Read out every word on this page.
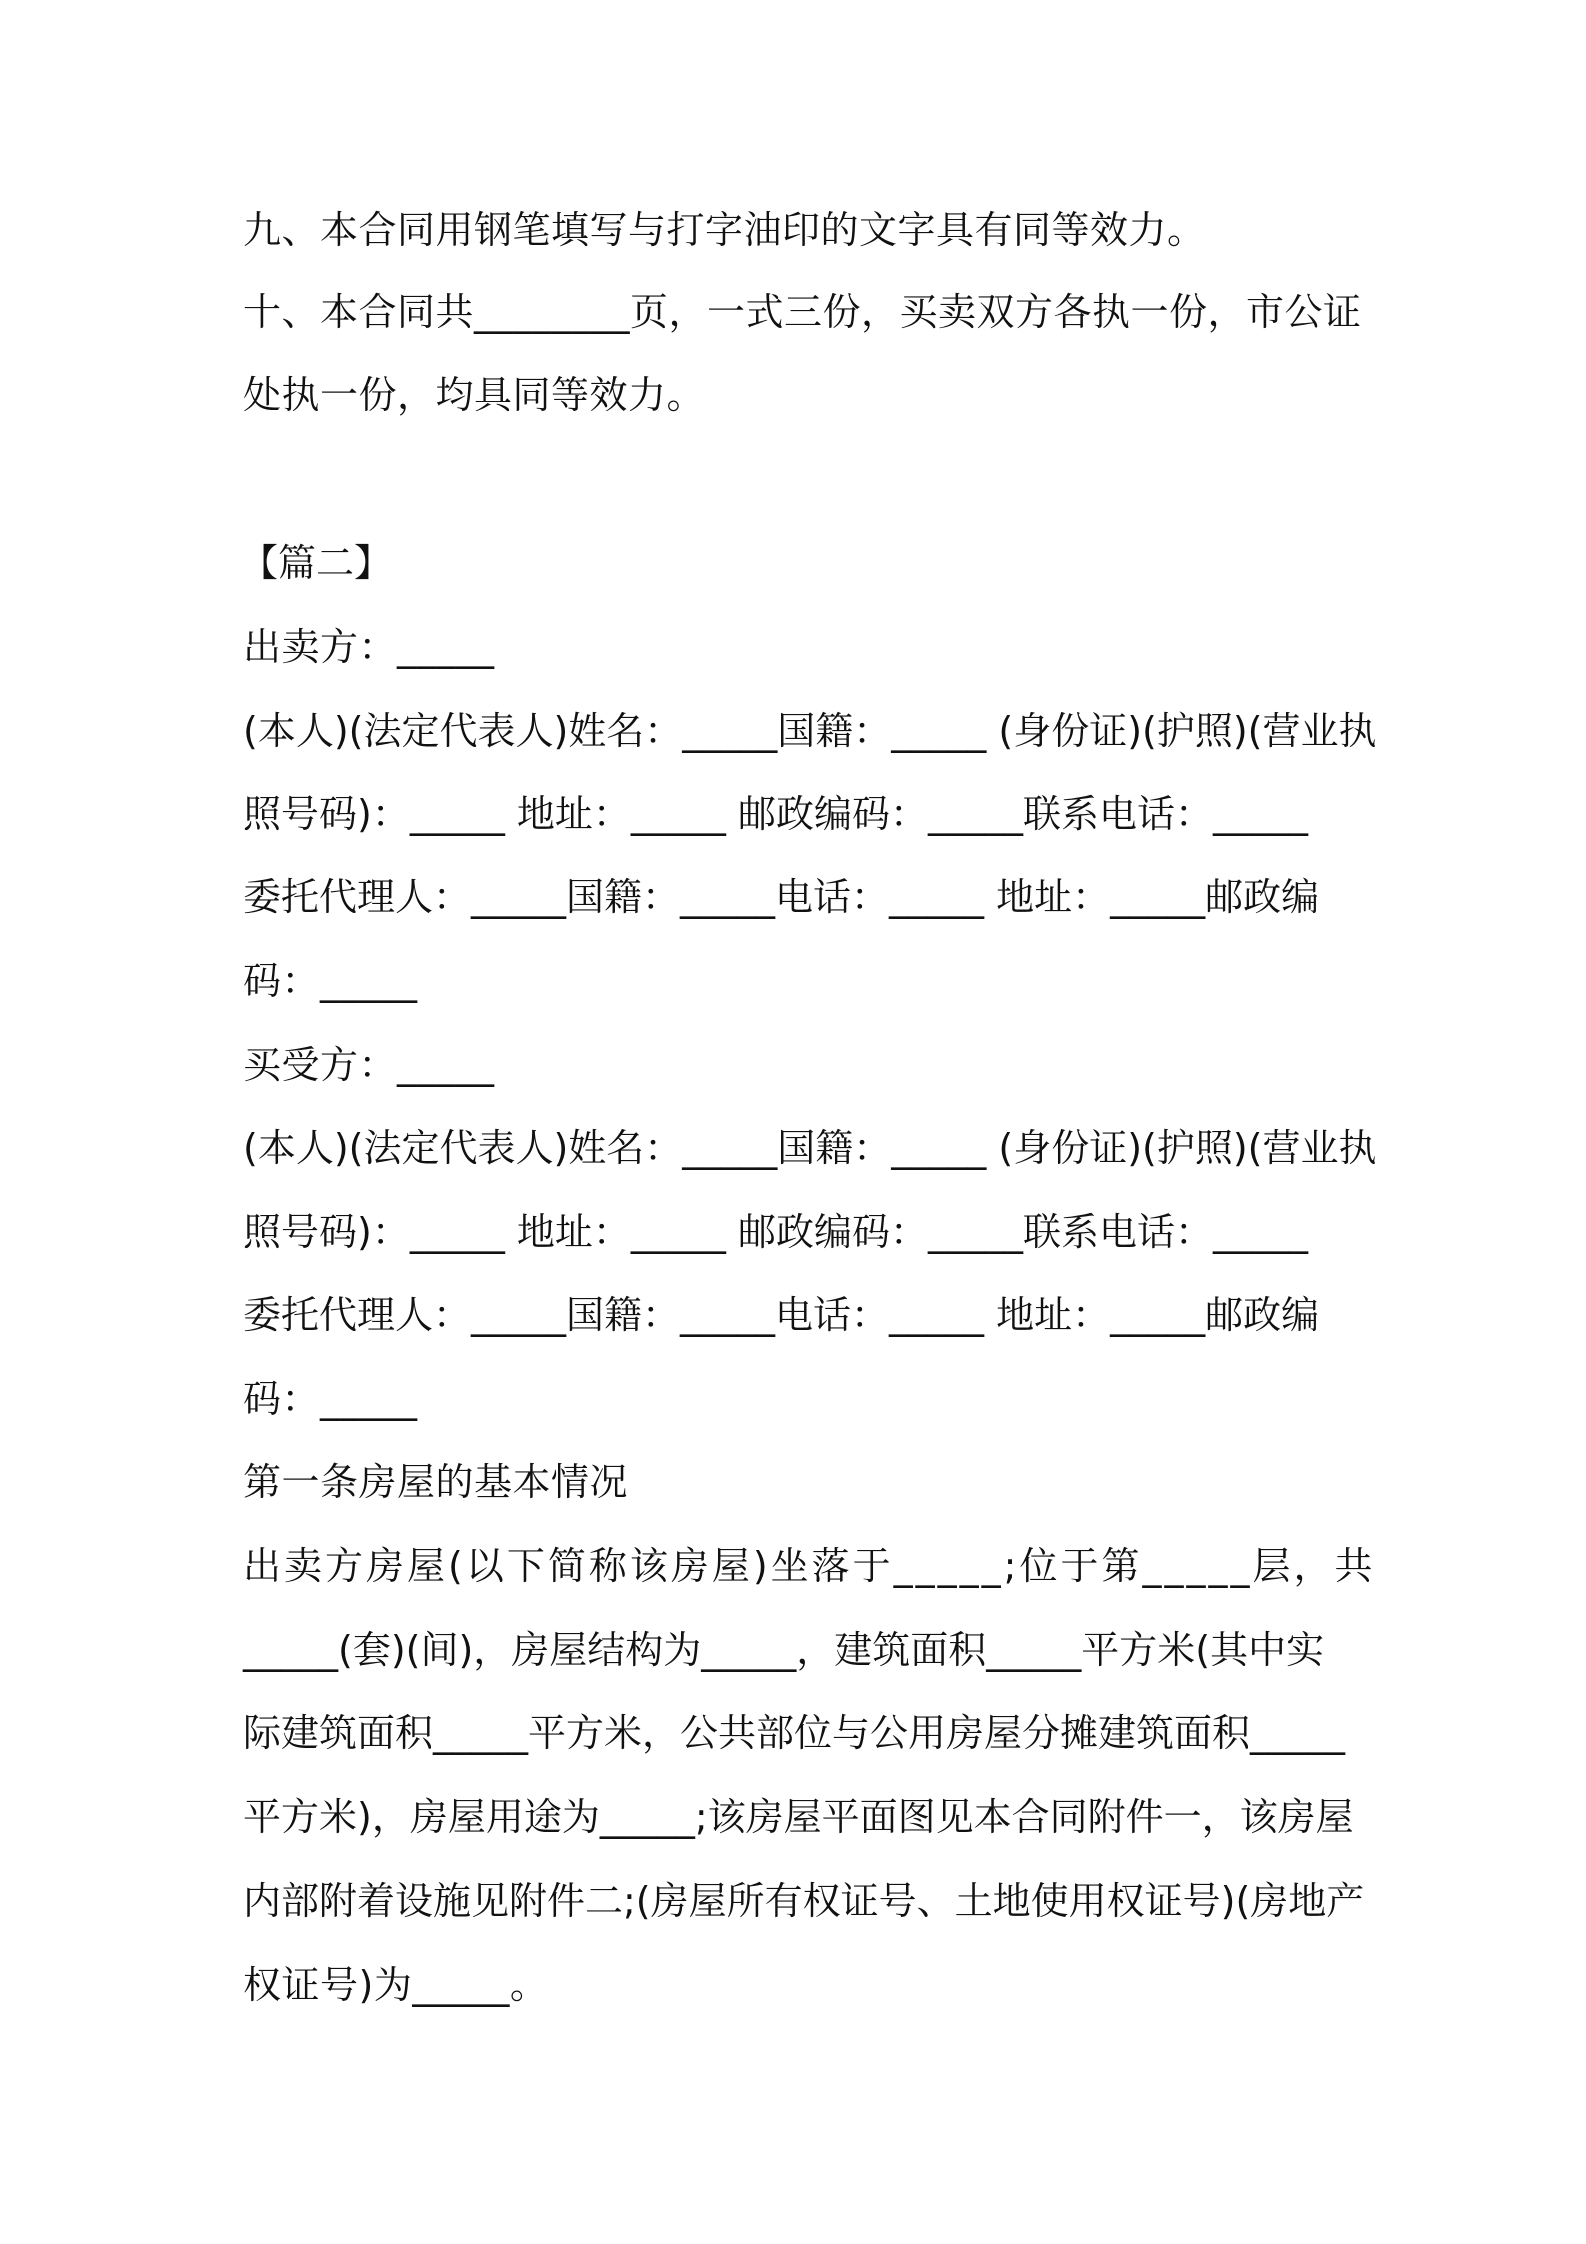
九、本合同用钢笔填写与打字油印的文字具有同等效力。
十、本合同共________页，一式三份，买卖双方各执一份，市公证
处执一份，均具同等效力。
【篇二】
出卖方：_____
(本人)(法定代表人)姓名：_____国籍：_____ (身份证)(护照)(营业执
照号码)：_____ 地址：_____ 邮政编码：_____联系电话：_____
委托代理人：_____国籍：_____电话：_____ 地址：_____邮政编
码：_____
买受方：_____
(本人)(法定代表人)姓名：_____国籍：_____ (身份证)(护照)(营业执
照号码)：_____ 地址：_____ 邮政编码：_____联系电话：_____
委托代理人：_____国籍：_____电话：_____ 地址：_____邮政编
码：_____
第一条房屋的基本情况
出卖方房屋(以下简称该房屋)坐落于_____;位于第_____层，共
_____(套)(间)，房屋结构为_____，建筑面积_____平方米(其中实
际建筑面积_____平方米，公共部位与公用房屋分摊建筑面积_____
平方米)，房屋用途为_____;该房屋平面图见本合同附件一，该房屋
内部附着设施见附件二;(房屋所有权证号、土地使用权证号)(房地产
权证号)为_____。
